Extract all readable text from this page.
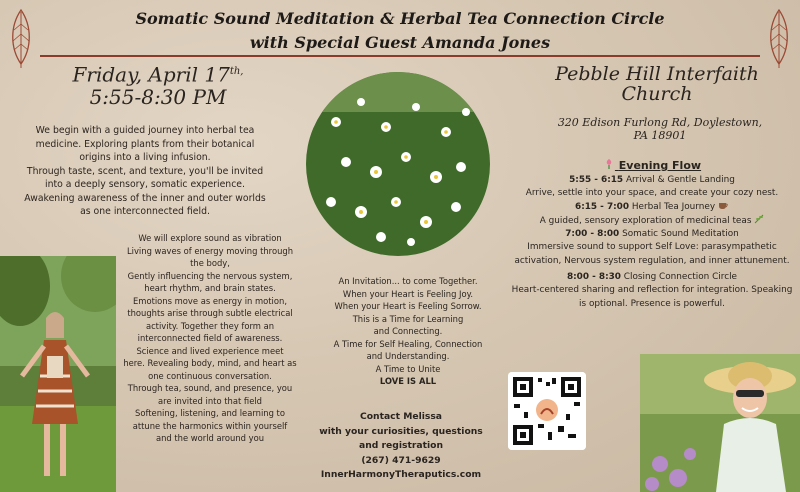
Somatic Sound Meditation & Herbal Tea Connection Circle
with Special Guest Amanda Jones
Friday, April $17^{th,}$
5:55-8:30 PM
We begin with a guided journey into herbal tea
medicine. Exploring plants from their botanical
origins into a living infusion.
Through taste, scent, and texture, you'll be invited
into a deeply sensory, somatic experience.
Awakening awareness of the inner and outer worlds
as one interconnected field.
We will explore sound as vibration
Living waves of energy moving through
the body,
Gently influencing the nervous system,
heart rhythm, and brain states.
Emotions move as energy in motion,
thoughts arise through subtle electrical
activity. Together they form an
interconnected field of awareness.
Science and lived experience meet
here. Revealing body, mind, and heart as
one continuous conversation.
Through tea, sound, and presence, you
are invited into that field
Softening, listening, and learning to
attune the harmonics within yourself
and the world around you
An Invitation... to come Together.
When your Heart is Feeling Joy.
When your Heart is Feeling Sorrow.
This is a Time for Learning
and Connecting.
A Time for Self Healing, Connection
and Understanding.
A Time to Unite
LOVE IS ALL
Contact Melissa
with your curiosities, questions
and registration
(267) 471-9629
InnerHarmonyTheraputics.com
Pebble Hill Interfaith
Church
320 Edison Furlong Rd, Doylestown,
PA 18901
Evening Flow
5:55 - 6:15 Arrival & Gentle Landing
Arrive, settle into your space, and create your cozy nest.
6:15 - 7:00 Herbal Tea Journey
A guided, sensory exploration of medicinal teas
7:00 - 8:00 Somatic Sound Meditation
Immersive sound to support Self Love: parasympathetic activation, Nervous system regulation, and inner attunement.
8:00 - 8:30 Closing Connection Circle
Heart-centered sharing and reflection for integration. Speaking is optional. Presence is powerful.
